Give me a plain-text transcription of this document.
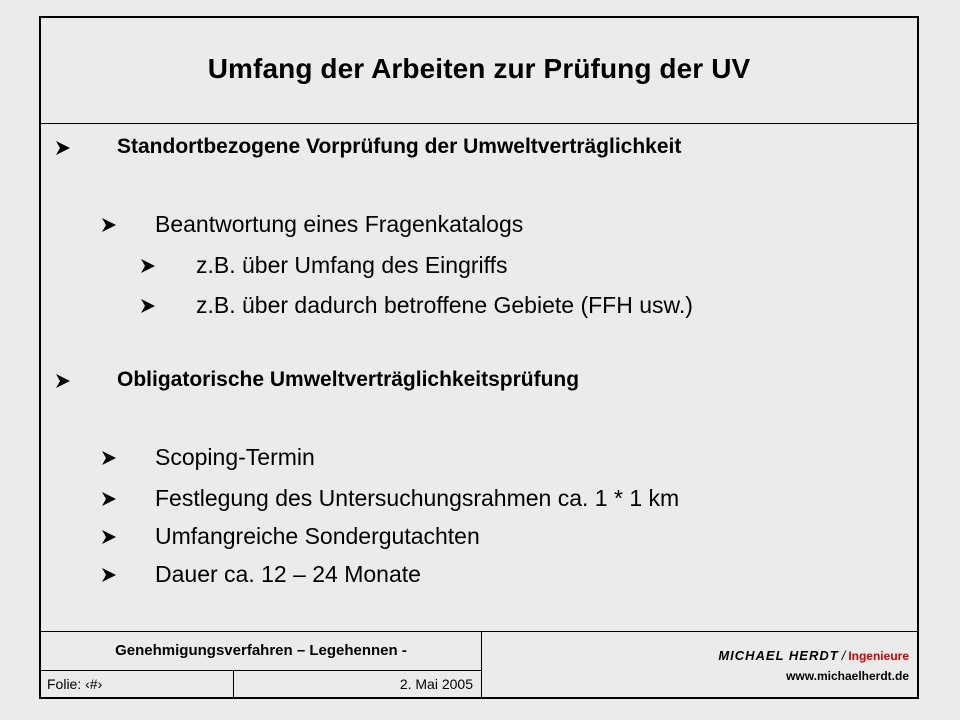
Umfang der Arbeiten zur Prüfung der UV
Standortbezogene Vorprüfung der Umweltverträglichkeit
Beantwortung eines Fragenkatalogs
z.B. über Umfang des Eingriffs
z.B. über dadurch betroffene Gebiete (FFH usw.)
Obligatorische Umweltverträglichkeitsprüfung
Scoping-Termin
Festlegung des Untersuchungsrahmen ca. 1 * 1 km
Umfangreiche Sondergutachten
Dauer ca. 12 – 24 Monate
Genehmigungsverfahren – Legehennen -
Folie: ‹#›	2. Mai 2005
MICHAEL HERDT / Ingenieure
www.michaelherdt.de
